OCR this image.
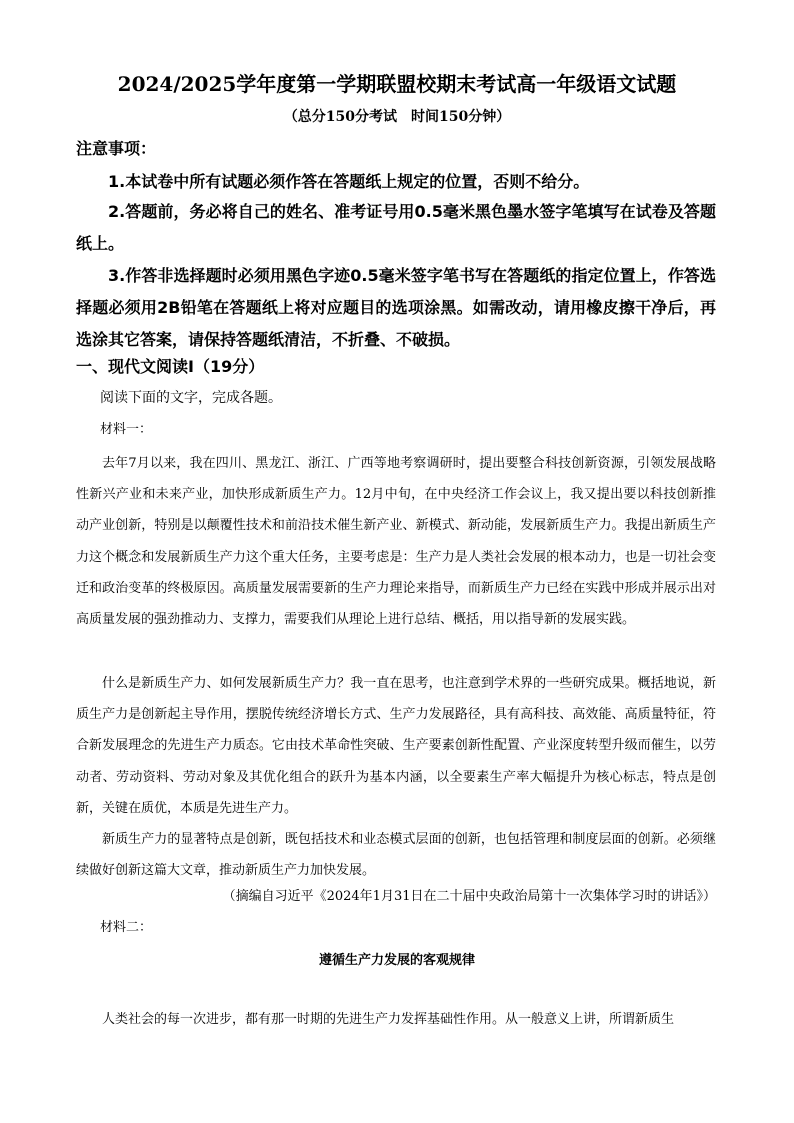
2024/2025学年度第一学期联盟校期末考试高一年级语文试题
（总分150分考试　时间150分钟）
注意事项：
1.本试卷中所有试题必须作答在答题纸上规定的位置，否则不给分。
2.答题前，务必将自己的姓名、准考证号用0.5毫米黑色墨水签字笔填写在试卷及答题纸上。
3.作答非选择题时必须用黑色字迹0.5毫米签字笔书写在答题纸的指定位置上，作答选择题必须用2B铅笔在答题纸上将对应题目的选项涂黑。如需改动，请用橡皮擦干净后，再选涂其它答案，请保持答题纸清洁，不折叠、不破损。
一、现代文阅读Ⅰ（19分）
阅读下面的文字，完成各题。
材料一：
去年7月以来，我在四川、黑龙江、浙江、广西等地考察调研时，提出要整合科技创新资源，引领发展战略性新兴产业和未来产业，加快形成新质生产力。12月中旬，在中央经济工作会议上，我又提出要以科技创新推动产业创新，特别是以颠覆性技术和前沿技术催生新产业、新模式、新动能，发展新质生产力。我提出新质生产力这个概念和发展新质生产力这个重大任务，主要考虑是：生产力是人类社会发展的根本动力，也是一切社会变迁和政治变革的终极原因。高质量发展需要新的生产力理论来指导，而新质生产力已经在实践中形成并展示出对高质量发展的强劲推动力、支撑力，需要我们从理论上进行总结、概括，用以指导新的发展实践。
什么是新质生产力、如何发展新质生产力？我一直在思考，也注意到学术界的一些研究成果。概括地说，新质生产力是创新起主导作用，摆脱传统经济增长方式、生产力发展路径，具有高科技、高效能、高质量特征，符合新发展理念的先进生产力质态。它由技术革命性突破、生产要素创新性配置、产业深度转型升级而催生，以劳动者、劳动资料、劳动对象及其优化组合的跃升为基本内涵，以全要素生产率大幅提升为核心标志，特点是创新，关键在质优，本质是先进生产力。
新质生产力的显著特点是创新，既包括技术和业态模式层面的创新，也包括管理和制度层面的创新。必须继续做好创新这篇大文章，推动新质生产力加快发展。
（摘编自习近平《2024年1月31日在二十届中央政治局第十一次集体学习时的讲话》）
材料二：
遵循生产力发展的客观规律
人类社会的每一次进步，都有那一时期的先进生产力发挥基础性作用。从一般意义上讲，所谓新质生
